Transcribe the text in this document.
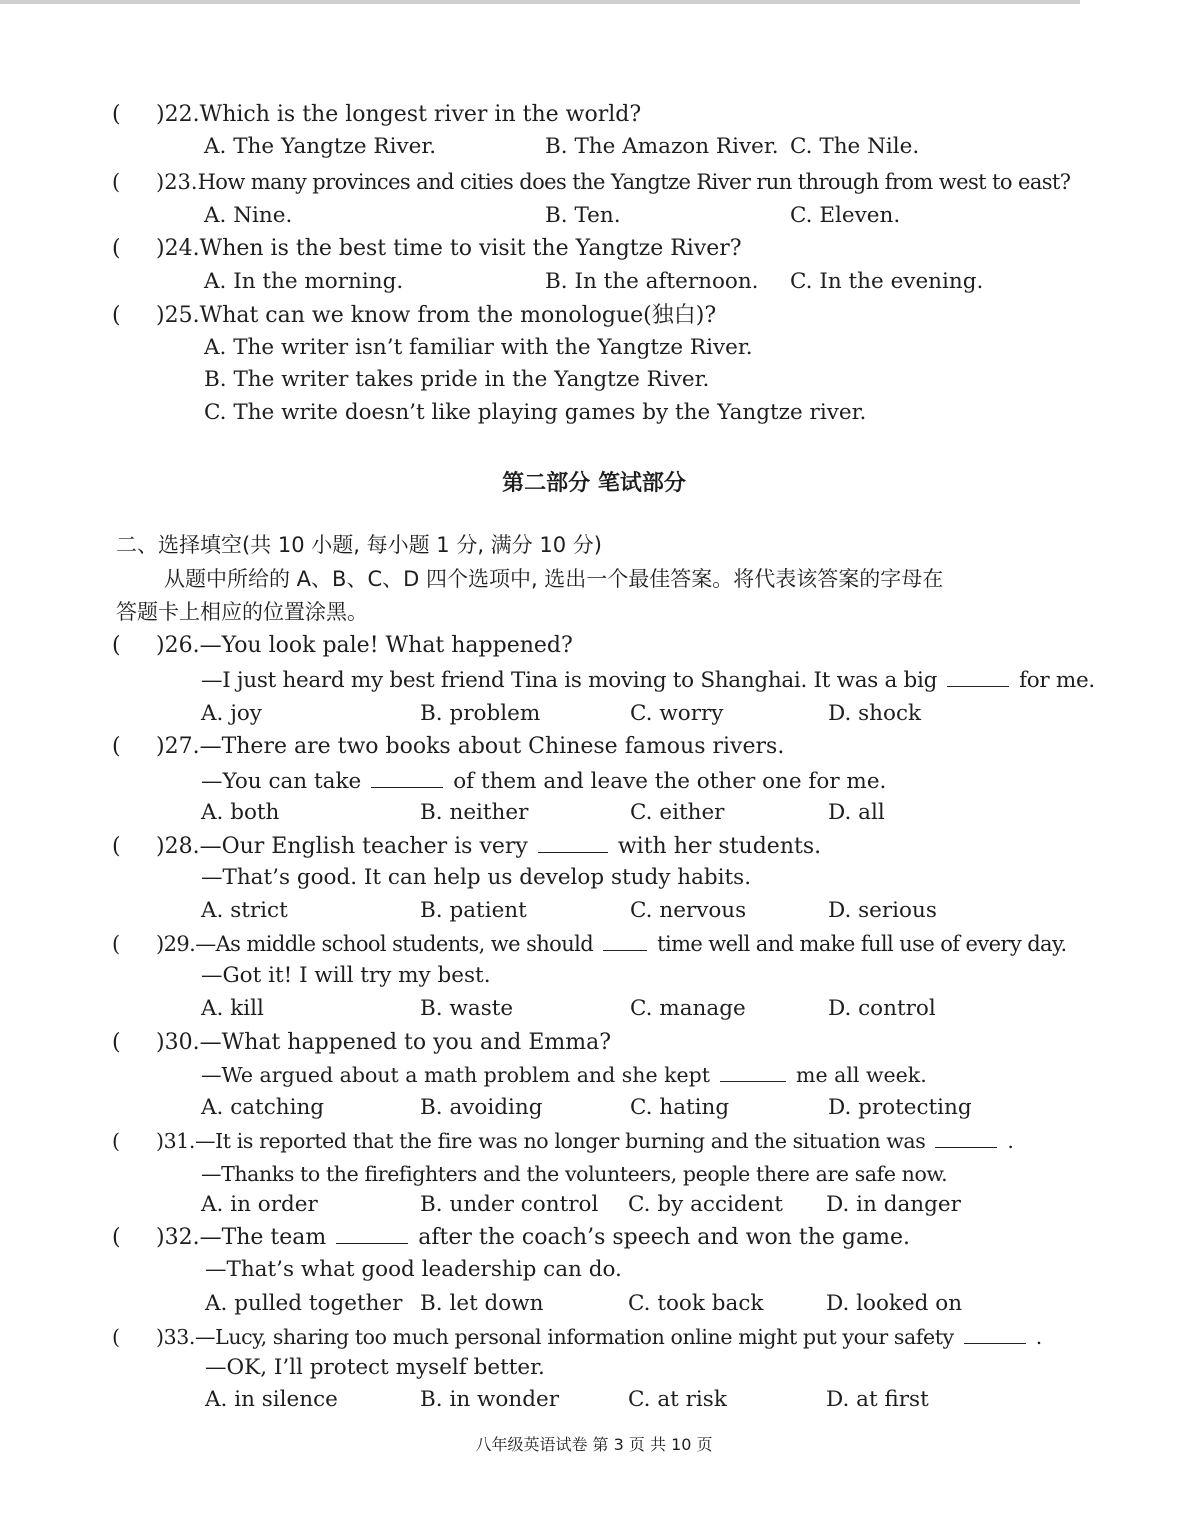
( )22.Which is the longest river in the world?
A. The Yangtze River.	B. The Amazon River. C. The Nile.
( )23.How many provinces and cities does the Yangtze River run through from west to east?
A. Nine.	B. Ten.	C. Eleven.
( )24.When is the best time to visit the Yangtze River?
A. In the morning.	B. In the afternoon. C. In the evening.
( )25.What can we know from the monologue(独白)?
A. The writer isn’t familiar with the Yangtze River.
B. The writer takes pride in the Yangtze River.
C. The write doesn’t like playing games by the Yangtze river.
第二部分 笔试部分
二、选择填空(共 10 小题, 每小题 1 分, 满分 10 分)
从题中所给的 A、B、C、D 四个选项中, 选出一个最佳答案。将代表该答案的字母在
答题卡上相应的位置涂黑。
( )26.—You look pale! What happened?
—I just heard my best friend Tina is moving to Shanghai. It was a big	for me.
A. joy	B. problem	C. worry	D. shock
( )27.—There are two books about Chinese famous rivers.
—You can take	of them and leave the other one for me.
A. both	B. neither	C. either	D. all
( )28.—Our English teacher is very	with her students.
—That’s good. It can help us develop study habits.
A. strict	B. patient	C. nervous	D. serious
( )29.—As middle school students, we should	time well and make full use of every day.
—Got it! I will try my best.
A. kill	B. waste	C. manage	D. control
( )30.—What happened to you and Emma?
—We argued about a math problem and she kept	me all week.
A. catching	B. avoiding	C. hating	D. protecting
( )31.—It is reported that the fire was no longer burning and the situation was	.
—Thanks to the firefighters and the volunteers, people there are safe now.
A. in order	B. under control C. by accident D. in danger
( )32.—The team	after the coach’s speech and won the game.
—That’s what good leadership can do.
A. pulled together B. let down	C. took back	D. looked on
( )33.—Lucy, sharing too much personal information online might put your safety	.
—OK, I’ll protect myself better.
A. in silence	B. in wonder	C. at risk	D. at first
八年级英语试卷 第 3 页 共 10 页
